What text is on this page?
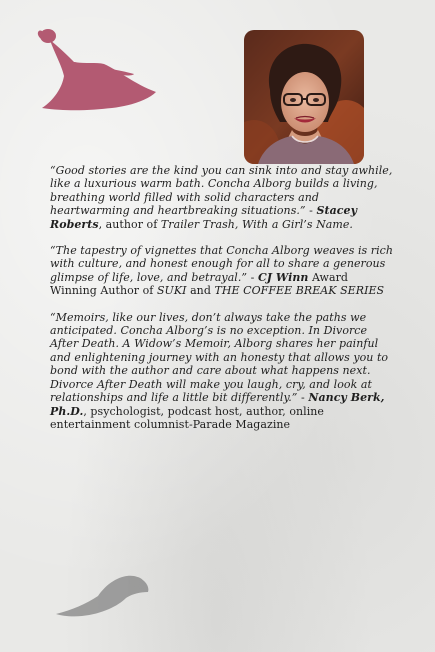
“Good stories are the kind you can sink into and stay awhile, like a luxurious warm bath. Concha Alborg builds a living, breathing world filled with solid characters and heartwarming and heartbreaking situations.” - Stacey Roberts, author of Trailer Trash, With a Girl’s Name.

“The tapestry of vignettes that Concha Alborg weaves is rich with culture, and honest enough for all to share a generous glimpse of life, love, and betrayal.” - CJ Winn Award Winning Author of SUKI and THE COFFEE BREAK SERIES

“Memoirs, like our lives, don’t always take the paths we anticipated. Concha Alborg’s is no exception. In Divorce After Death. A Widow’s Memoir, Alborg shares her painful and enlightening journey with an honesty that allows you to bond with the author and care about what happens next. Divorce After Death will make you laugh, cry, and look at relationships and life a little bit differently.” - Nancy Berk, Ph.D., psychologist, podcast host, author, online entertainment columnist-Parade Magazine
